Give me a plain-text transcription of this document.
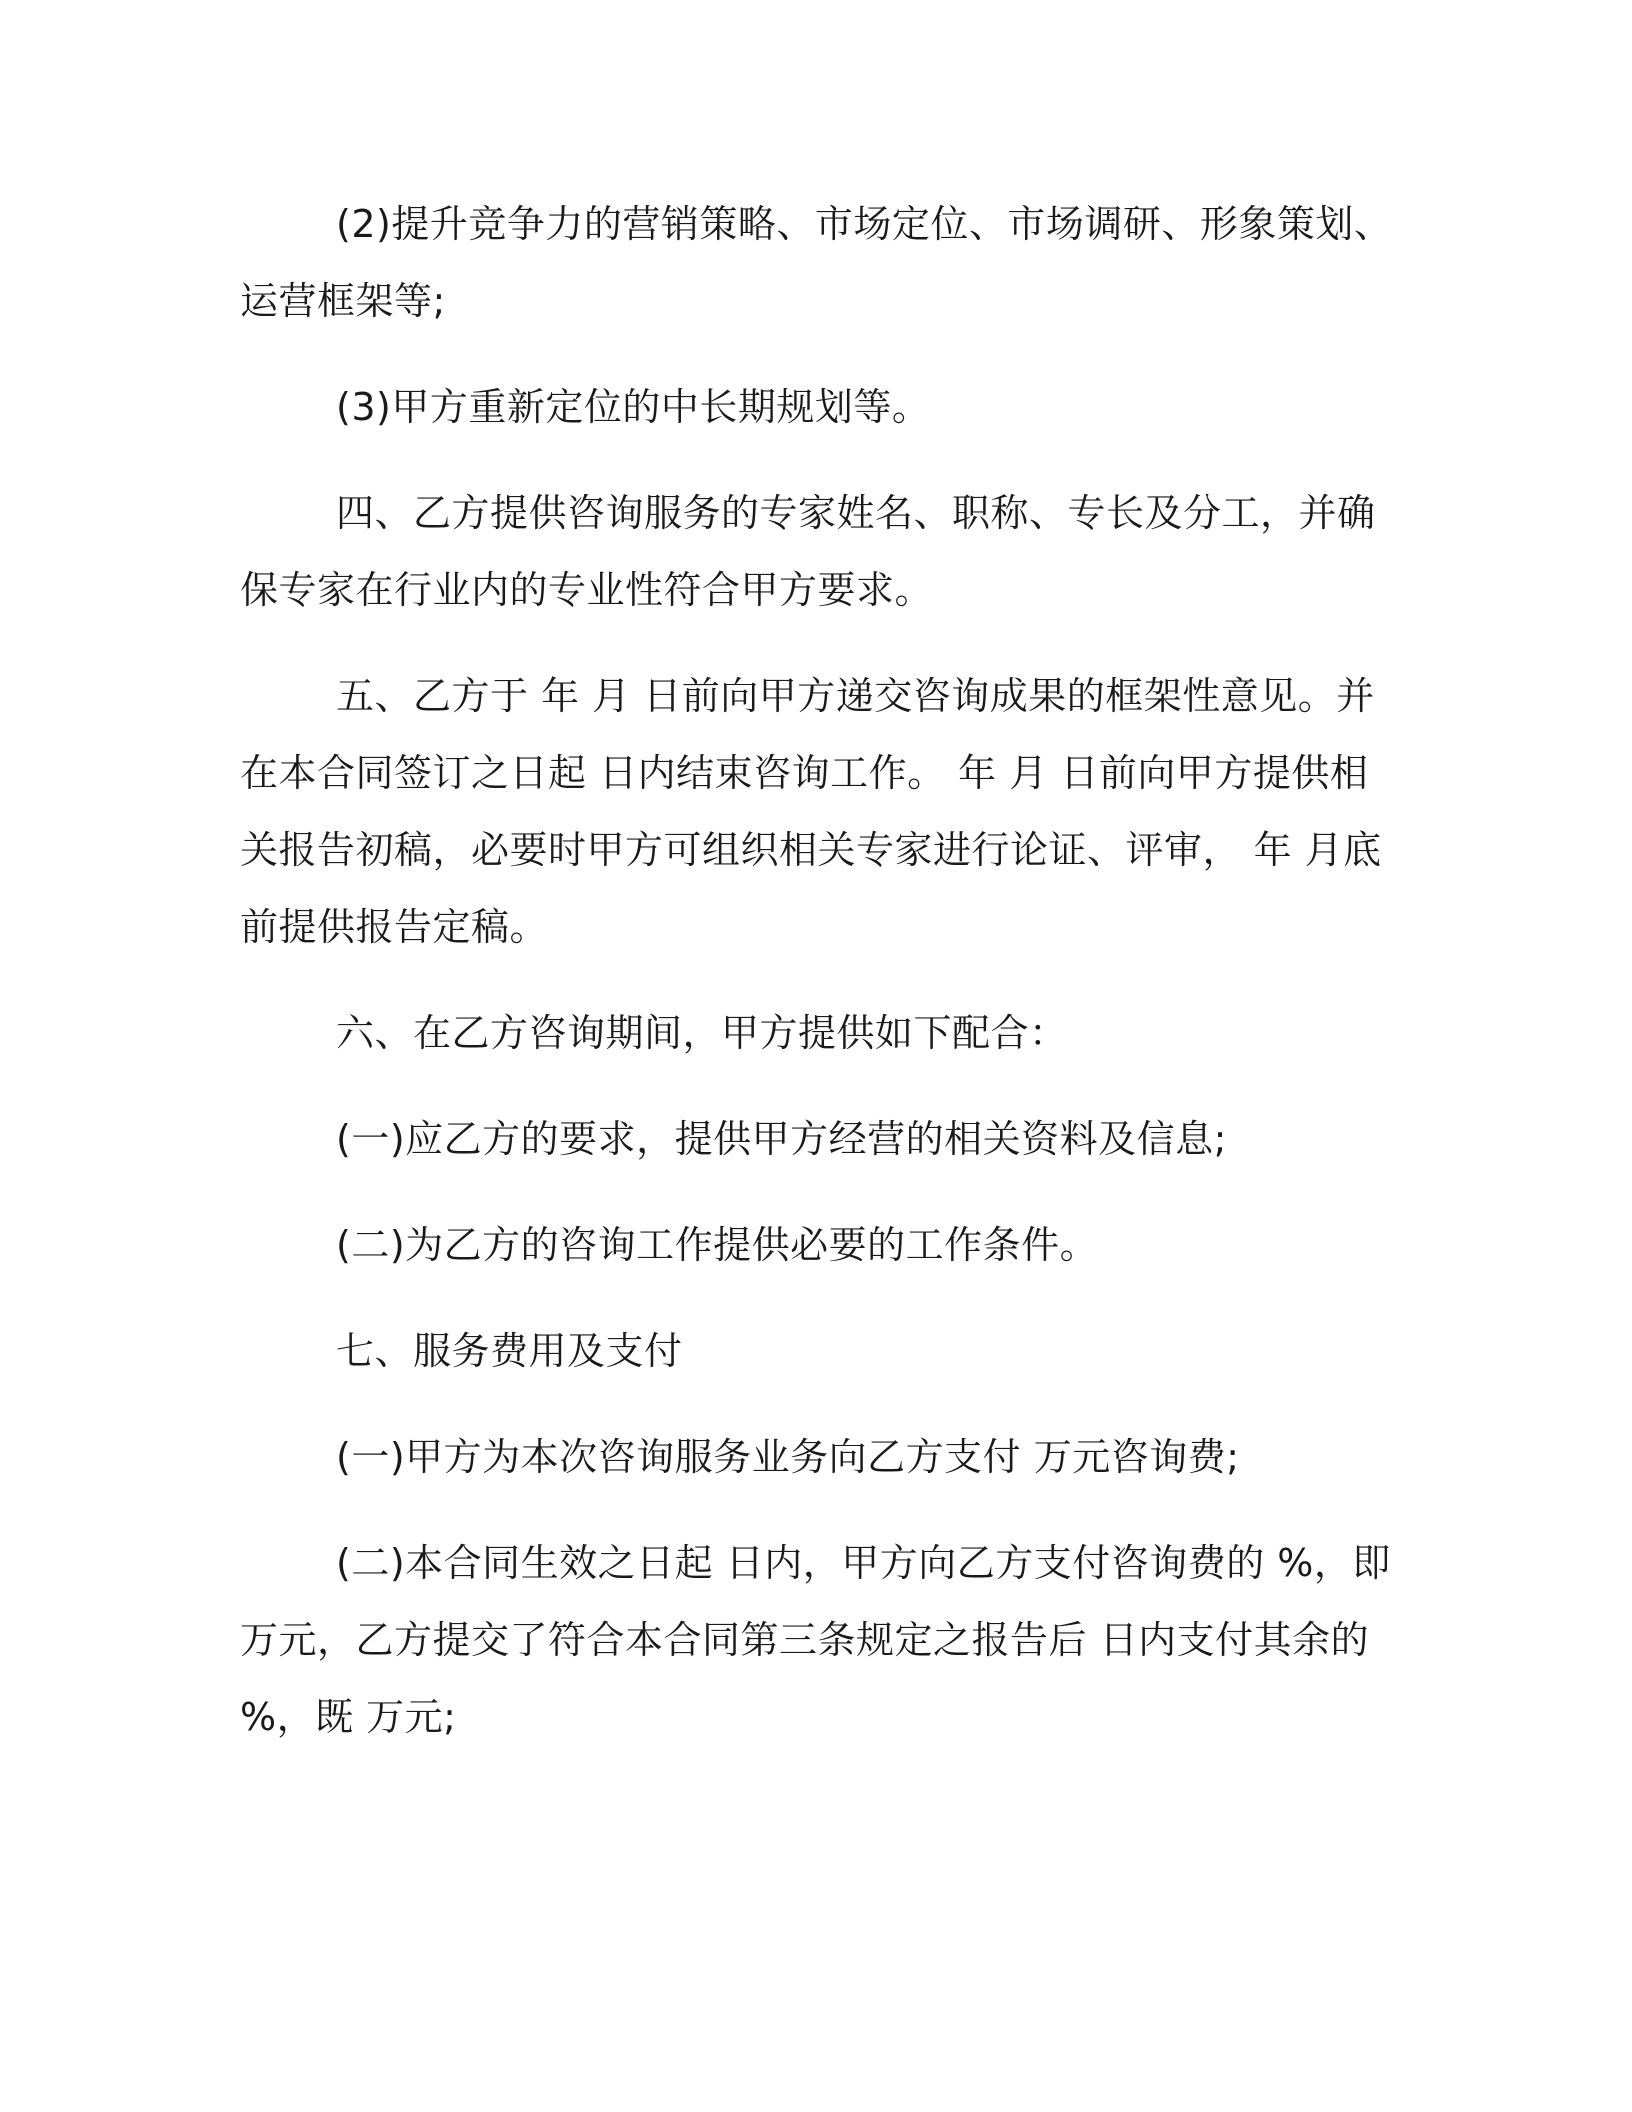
(2)提升竞争力的营销策略、市场定位、市场调研、形象策划、运营框架等;

(3)甲方重新定位的中长期规划等。

四、乙方提供咨询服务的专家姓名、职称、专长及分工，并确保专家在行业内的专业性符合甲方要求。

五、乙方于 年 月 日前向甲方递交咨询成果的框架性意见。并在本合同签订之日起 日内结束咨询工作。 年 月 日前向甲方提供相关报告初稿，必要时甲方可组织相关专家进行论证、评审， 年 月底前提供报告定稿。

六、在乙方咨询期间，甲方提供如下配合：

(一)应乙方的要求，提供甲方经营的相关资料及信息;

(二)为乙方的咨询工作提供必要的工作条件。

七、服务费用及支付

(一)甲方为本次咨询服务业务向乙方支付 万元咨询费;

(二)本合同生效之日起 日内，甲方向乙方支付咨询费的 %，即 万元，乙方提交了符合本合同第三条规定之报告后 日内支付其余的 %，既 万元;
